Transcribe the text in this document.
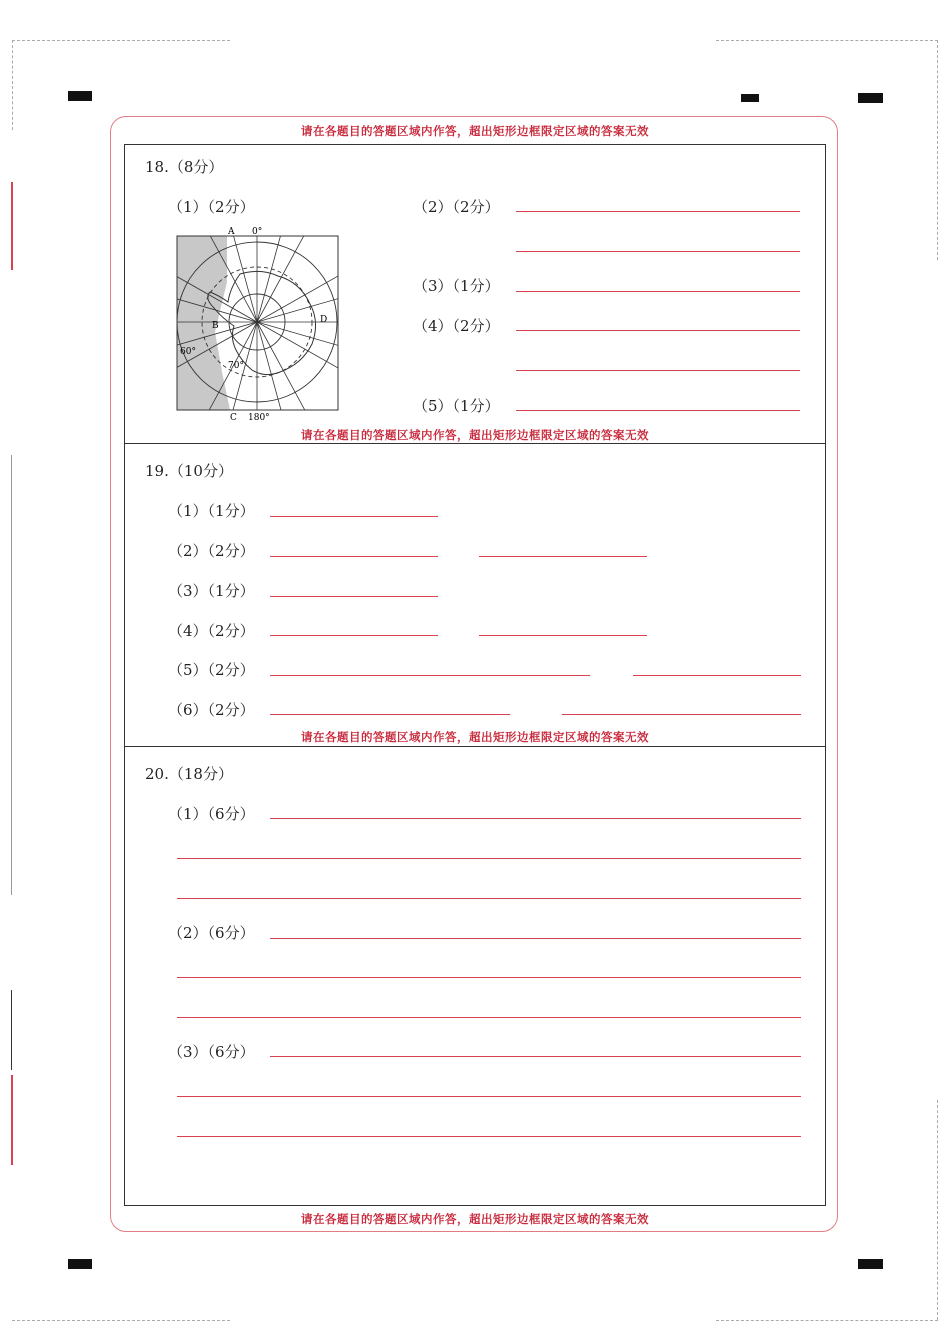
请在各题目的答题区域内作答，超出矩形边框限定区域的答案无效
请在各题目的答题区域内作答，超出矩形边框限定区域的答案无效
请在各题目的答题区域内作答，超出矩形边框限定区域的答案无效
请在各题目的答题区域内作答，超出矩形边框限定区域的答案无效
18.（8分）
（1）（2分）
A 0°
B
D
60°
70°
C 180°
（2）（2分）
（3）（1分）
（4）（2分）
（5）（1分）
19.（10分）
（1）（1分）
（2）（2分）
（3）（1分）
（4）（2分）
（5）（2分）
（6）（2分）
20.（18分）
（1）（6分）
（2）（6分）
（3）（6分）
